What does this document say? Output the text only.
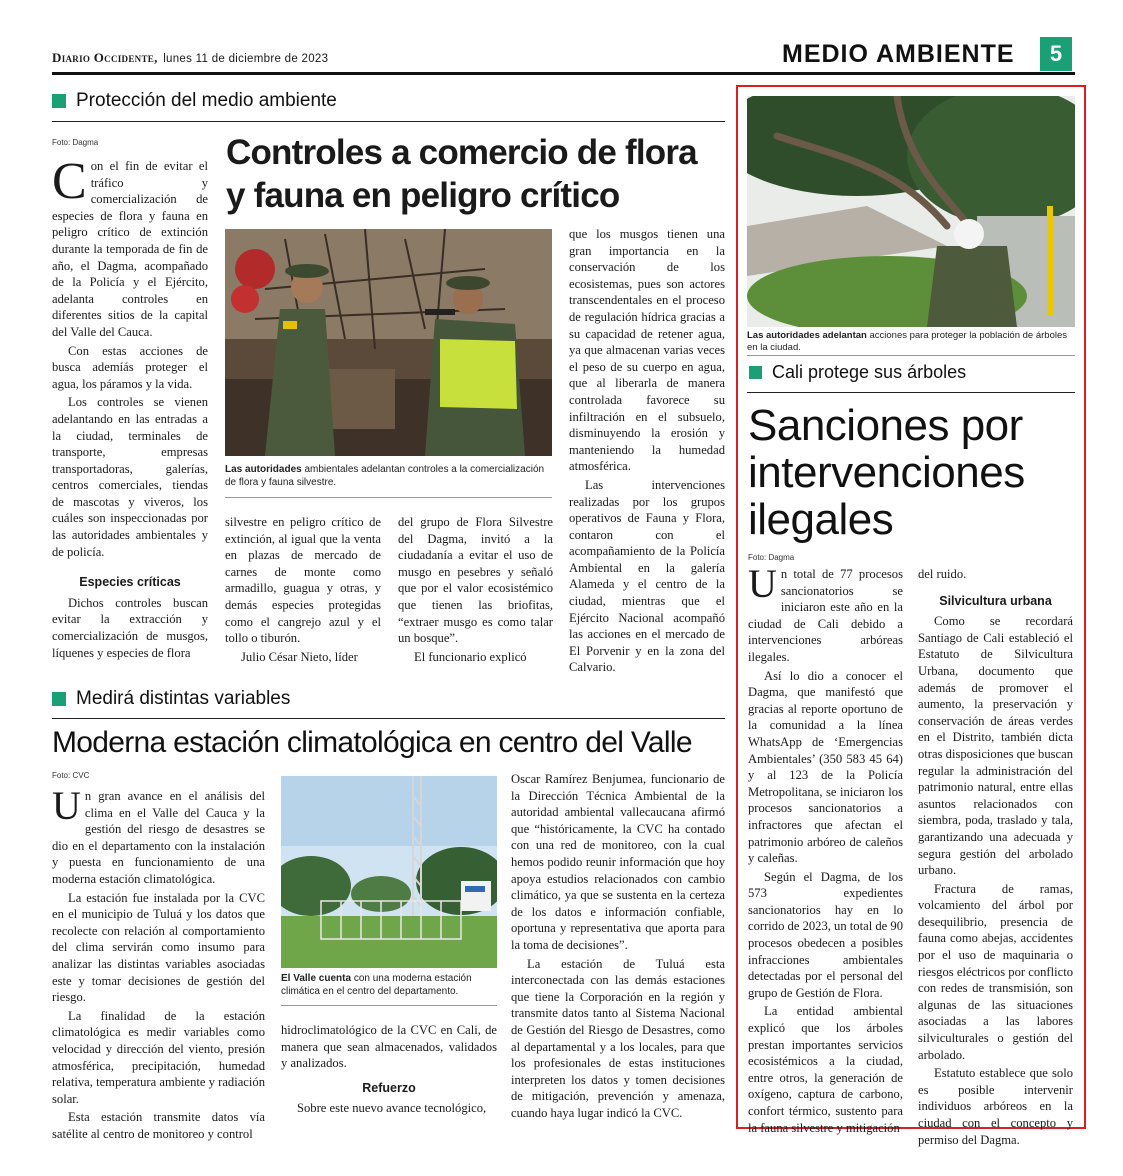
Diario Occidente, lunes 11 de diciembre de 2023	MEDIO AMBIENTE	5
Protección del medio ambiente
Foto: Dagma	Controles a comercio de flora
y fauna en peligro crítico
C on el fin de evitar el tráfico y comercialización de especies de flora y fauna en peligro crítico de extinción durante la temporada de fin de año, el Dagma, acompañado de la Policía y el Ejército, adelanta controles en diferentes sitios de la capital del Valle del Cauca.

Con estas acciones de busca ademíás proteger el agua, los páramos y la vida.

Los controles se vienen adelantando en las entradas a la ciudad, terminales de transporte, empresas transportadoras, galerías, centros comerciales, tiendas de mascotas y viveros, los cuáles son inspeccionadas por las autoridades ambientales y de policía.

Especies críticas

Dichos controles buscan evitar la extracción y comercialización de musgos, líquenes y especies de flora

Las autoridades ambientales adelantan controles a la comercialización de flora y fauna silvestre.

silvestre en peligro crítico de extinción, al igual que la venta en plazas de mercado de carnes de monte como armadillo, guagua y otras, y demás especies protegidas como el cangrejo azul y el tollo o tiburón.

Julio César Nieto, líder

del grupo de Flora Silvestre del Dagma, invitó a la ciudadanía a evitar el uso de musgo en pesebres y señaló que por el valor ecosistémico que tienen las briofitas, “extraer musgo es como talar un bosque”.

El funcionario explicó

que los musgos tienen una gran importancia en la conservación de los ecosistemas, pues son actores transcendentales en el proceso de regulación hídrica gracias a su capacidad de retener agua, ya que almacenan varias veces el peso de su cuerpo en agua, que al liberarla de manera controlada favorece su infiltración en el subsuelo, disminuyendo la erosión y manteniendo la humedad atmosférica.

Las intervenciones realizadas por los grupos operativos de Fauna y Flora, contaron con el acompañamiento de la Policía Ambiental en la galería Alameda y el centro de la ciudad, mientras que el Ejército Nacional acompañó las acciones en el mercado de El Porvenir y en la zona del Calvario.

Medirá distintas variables
Moderna estación climatológica en centro del Valle
Foto: CVC
U n gran avance en el análisis del clima en el Valle del Cauca y la gestión del riesgo de desastres se dio en el departamento con la instalación y puesta en funcionamiento de una moderna estación climatológica.

La estación fue instalada por la CVC en el municipio de Tuluá y los datos que recolecte con relación al comportamiento del clima servirán como insumo para analizar las distintas variables asociadas este y tomar decisiones de gestión del riesgo.

La finalidad de la estación climatológica es medir variables como velocidad y dirección del viento, presión atmosférica, precipitación, humedad relativa, temperatura ambiente y radiación solar.

Esta estación transmite datos vía satélite al centro de monitoreo y control

El Valle cuenta con una moderna estación climática en el centro del departamento.

hidroclimatológico de la CVC en Cali, de manera que sean almacenados, validados y analizados.

Refuerzo

Sobre este nuevo avance tecnológico,

Oscar Ramírez Benjumea, funcionario de la Dirección Técnica Ambiental de la autoridad ambiental vallecaucana afirmó que “históricamente, la CVC ha contado con una red de monitoreo, con la cual hemos podido reunir información que hoy apoya estudios relacionados con cambio climático, ya que se sustenta en la certeza de los datos e información confiable, oportuna y representativa que aporta para la toma de decisiones”.

La estación de Tuluá esta interconectada con las demás estaciones que tiene la Corporación en la región y transmite datos tanto al Sistema Nacional de Gestión del Riesgo de Desastres, como al departamental y a los locales, para que los profesionales de estas instituciones interpreten los datos y tomen decisiones de mitigación, prevención y amenaza, cuando haya lugar indicó la CVC.

Las autoridades adelantan acciones para proteger la población de árboles en la ciudad.
Cali protege sus árboles
Sanciones por intervenciones ilegales
Foto: Dagma
U n total de 77 procesos sancionatorios se iniciaron este año en la ciudad de Cali debido a intervenciones arbóreas ilegales.

Así lo dio a conocer el Dagma, que manifestó que gracias al reporte oportuno de la comunidad a la línea WhatsApp de ‘Emergencias Ambientales’ (350 583 45 64) y al 123 de la Policía Metropolitana, se iniciaron los procesos sancionatorios a infractores que afectan el patrimonio arbóreo de caleños y caleñas.

Según el Dagma, de los 573 expedientes sancionatorios hay en lo corrido de 2023, un total de 90 procesos obedecen a posibles infracciones ambientales detectadas por el personal del grupo de Gestión de Flora.

La entidad ambiental explicó que los árboles prestan importantes servicios ecosistémicos a la ciudad, entre otros, la generación de oxígeno, captura de carbono, confort térmico, sustento para la fauna silvestre y mitigación

del ruido.

Silvicultura urbana

Como se recordará Santiago de Cali estableció el Estatuto de Silvicultura Urbana, documento que además de promover el aumento, la preservación y conservación de áreas verdes en el Distrito, también dicta otras disposiciones que buscan regular la administración del patrimonio natural, entre ellas asuntos relacionados con siembra, poda, traslado y tala, garantizando una adecuada y segura gestión del arbolado urbano.

Fractura de ramas, volcamiento del árbol por desequilibrio, presencia de fauna como abejas, accidentes por el uso de maquinaria o riesgos eléctricos por conflicto con redes de transmisión, son algunas de las situaciones asociadas a las labores silviculturales o gestión del arbolado.

Estatuto establece que solo es posible intervenir individuos arbóreos en la ciudad con el concepto y permiso del Dagma.
